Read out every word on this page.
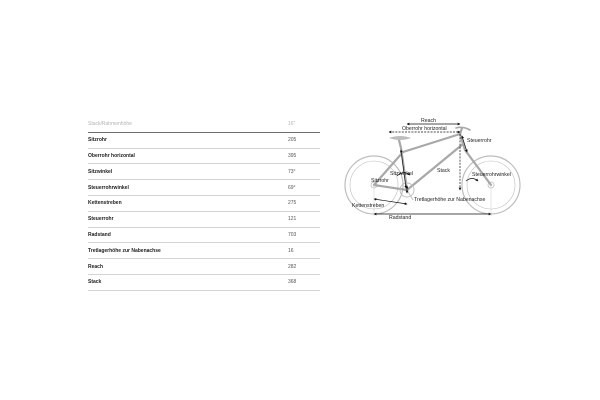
Stack/Rahmenhöhe	16"
Sitzrohr	205
Oberrohr horizontal	395
Sitzwinkel	73°
Steuerrohrwinkel	69°
Kettenstreben	275
Steuerrohr	121
Radstand	703
Tretlagerhöhe zur Nabenachse	16
Reach	282
Stack	368
Reach
Oberrohr horizontal
Steuerrohr
Sitzwinkel
Sitzrohr
Stack
Steuerrohrwinkel
Tretlagerhöhe zur Nabenachse
Kettenstreben
Radstand
